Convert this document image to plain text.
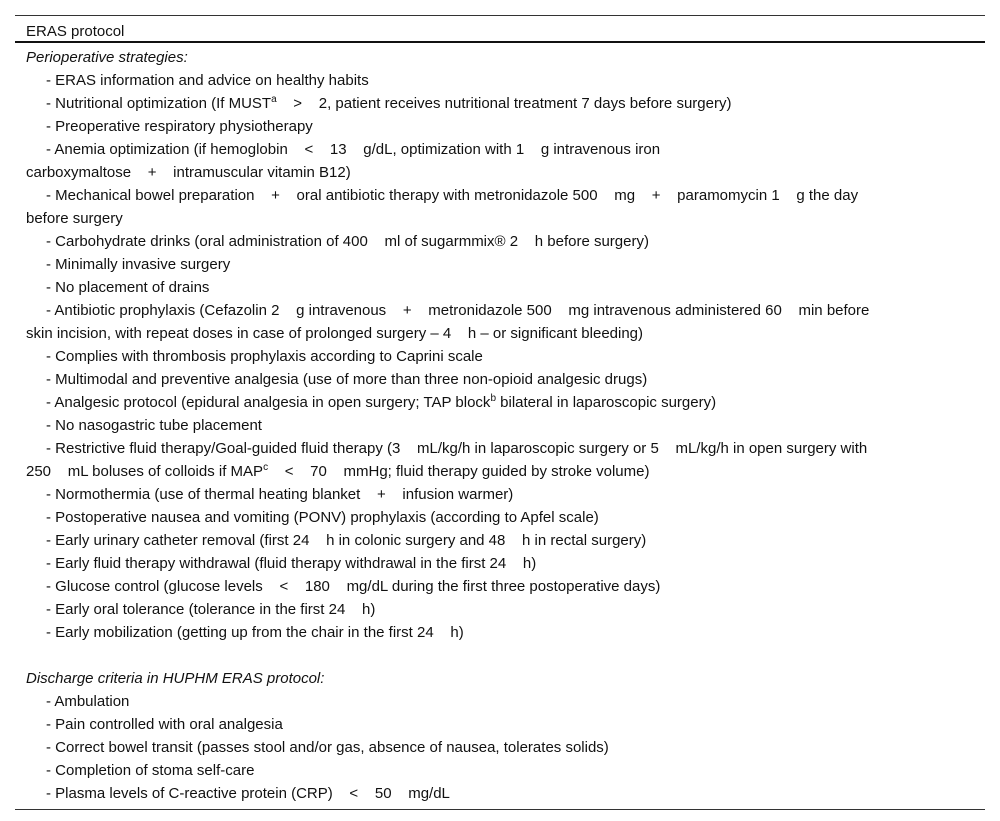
ERAS protocol
Perioperative strategies:
- ERAS information and advice on healthy habits
- Nutritional optimization (If MUST$^a$    >    2, patient receives nutritional treatment 7 days before surgery)
- Preoperative respiratory physiotherapy
- Anemia optimization (if hemoglobin    <    13    g/dL, optimization with 1    g intravenous iron
carboxymaltose    +    intramuscular vitamin B12)
- Mechanical bowel preparation    +    oral antibiotic therapy with metronidazole 500    mg    +    paramomycin 1    g the day
before surgery
- Carbohydrate drinks (oral administration of 400    ml of sugarmmix® 2    h before surgery)
- Minimally invasive surgery
- No placement of drains
- Antibiotic prophylaxis (Cefazolin 2    g intravenous    +    metronidazole 500    mg intravenous administered 60    min before
skin incision, with repeat doses in case of prolonged surgery – 4    h – or significant bleeding)
- Complies with thrombosis prophylaxis according to Caprini scale
- Multimodal and preventive analgesia (use of more than three non-opioid analgesic drugs)
- Analgesic protocol (epidural analgesia in open surgery; TAP block$^b$ bilateral in laparoscopic surgery)
- No nasogastric tube placement
- Restrictive fluid therapy/Goal-guided fluid therapy (3    mL/kg/h in laparoscopic surgery or 5    mL/kg/h in open surgery with
250    mL boluses of colloids if MAP$^c$    <    70    mmHg; fluid therapy guided by stroke volume)
- Normothermia (use of thermal heating blanket    +    infusion warmer)
- Postoperative nausea and vomiting (PONV) prophylaxis (according to Apfel scale)
- Early urinary catheter removal (first 24    h in colonic surgery and 48    h in rectal surgery)
- Early fluid therapy withdrawal (fluid therapy withdrawal in the first 24    h)
- Glucose control (glucose levels    <    180    mg/dL during the first three postoperative days)
- Early oral tolerance (tolerance in the first 24    h)
- Early mobilization (getting up from the chair in the first 24    h)
Discharge criteria in HUPHM ERAS protocol:
- Ambulation
- Pain controlled with oral analgesia
- Correct bowel transit (passes stool and/or gas, absence of nausea, tolerates solids)
- Completion of stoma self-care
- Plasma levels of C-reactive protein (CRP)    <    50    mg/dL
